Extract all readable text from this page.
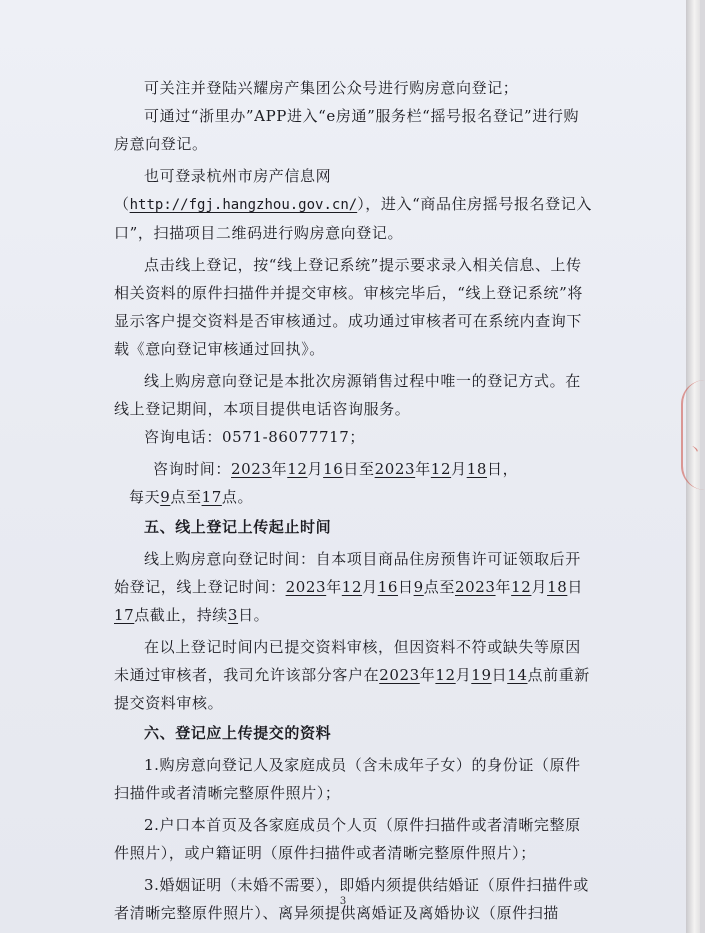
可关注并登陆兴耀房产集团公众号进行购房意向登记；

可通过“浙里办”APP进入“e房通”服务栏“摇号报名登记”进行购房意向登记。

也可登录杭州市房产信息网（http://fgj.hangzhou.gov.cn/），进入“商品住房摇号报名登记入口”，扫描项目二维码进行购房意向登记。

点击线上登记，按“线上登记系统”提示要求录入相关信息、上传相关资料的原件扫描件并提交审核。审核完毕后，“线上登记系统”将显示客户提交资料是否审核通过。成功通过审核者可在系统内查询下载《意向登记审核通过回执》。

线上购房意向登记是本批次房源销售过程中唯一的登记方式。在线上登记期间，本项目提供电话咨询服务。

咨询电话：0571-86077717；

咨询时间：2023年12月16日至2023年12月18日，

每天9点至17点。

五、线上登记上传起止时间

线上购房意向登记时间：自本项目商品住房预售许可证领取后开始登记，线上登记时间：2023年12月16日9点至2023年12月18日17点截止，持续3日。

在以上登记时间内已提交资料审核，但因资料不符或缺失等原因未通过审核者，我司允许该部分客户在2023年12月19日14点前重新提交资料审核。

六、登记应上传提交的资料

1.购房意向登记人及家庭成员（含未成年子女）的身份证（原件扫描件或者清晰完整原件照片）；

2.户口本首页及各家庭成员个人页（原件扫描件或者清晰完整原件照片），或户籍证明（原件扫描件或者清晰完整原件照片）；

3.婚姻证明（未婚不需要），即婚内须提供结婚证（原件扫描件或者清晰完整原件照片）、离异须提供离婚证及离婚协议（原件扫描

3
丶
